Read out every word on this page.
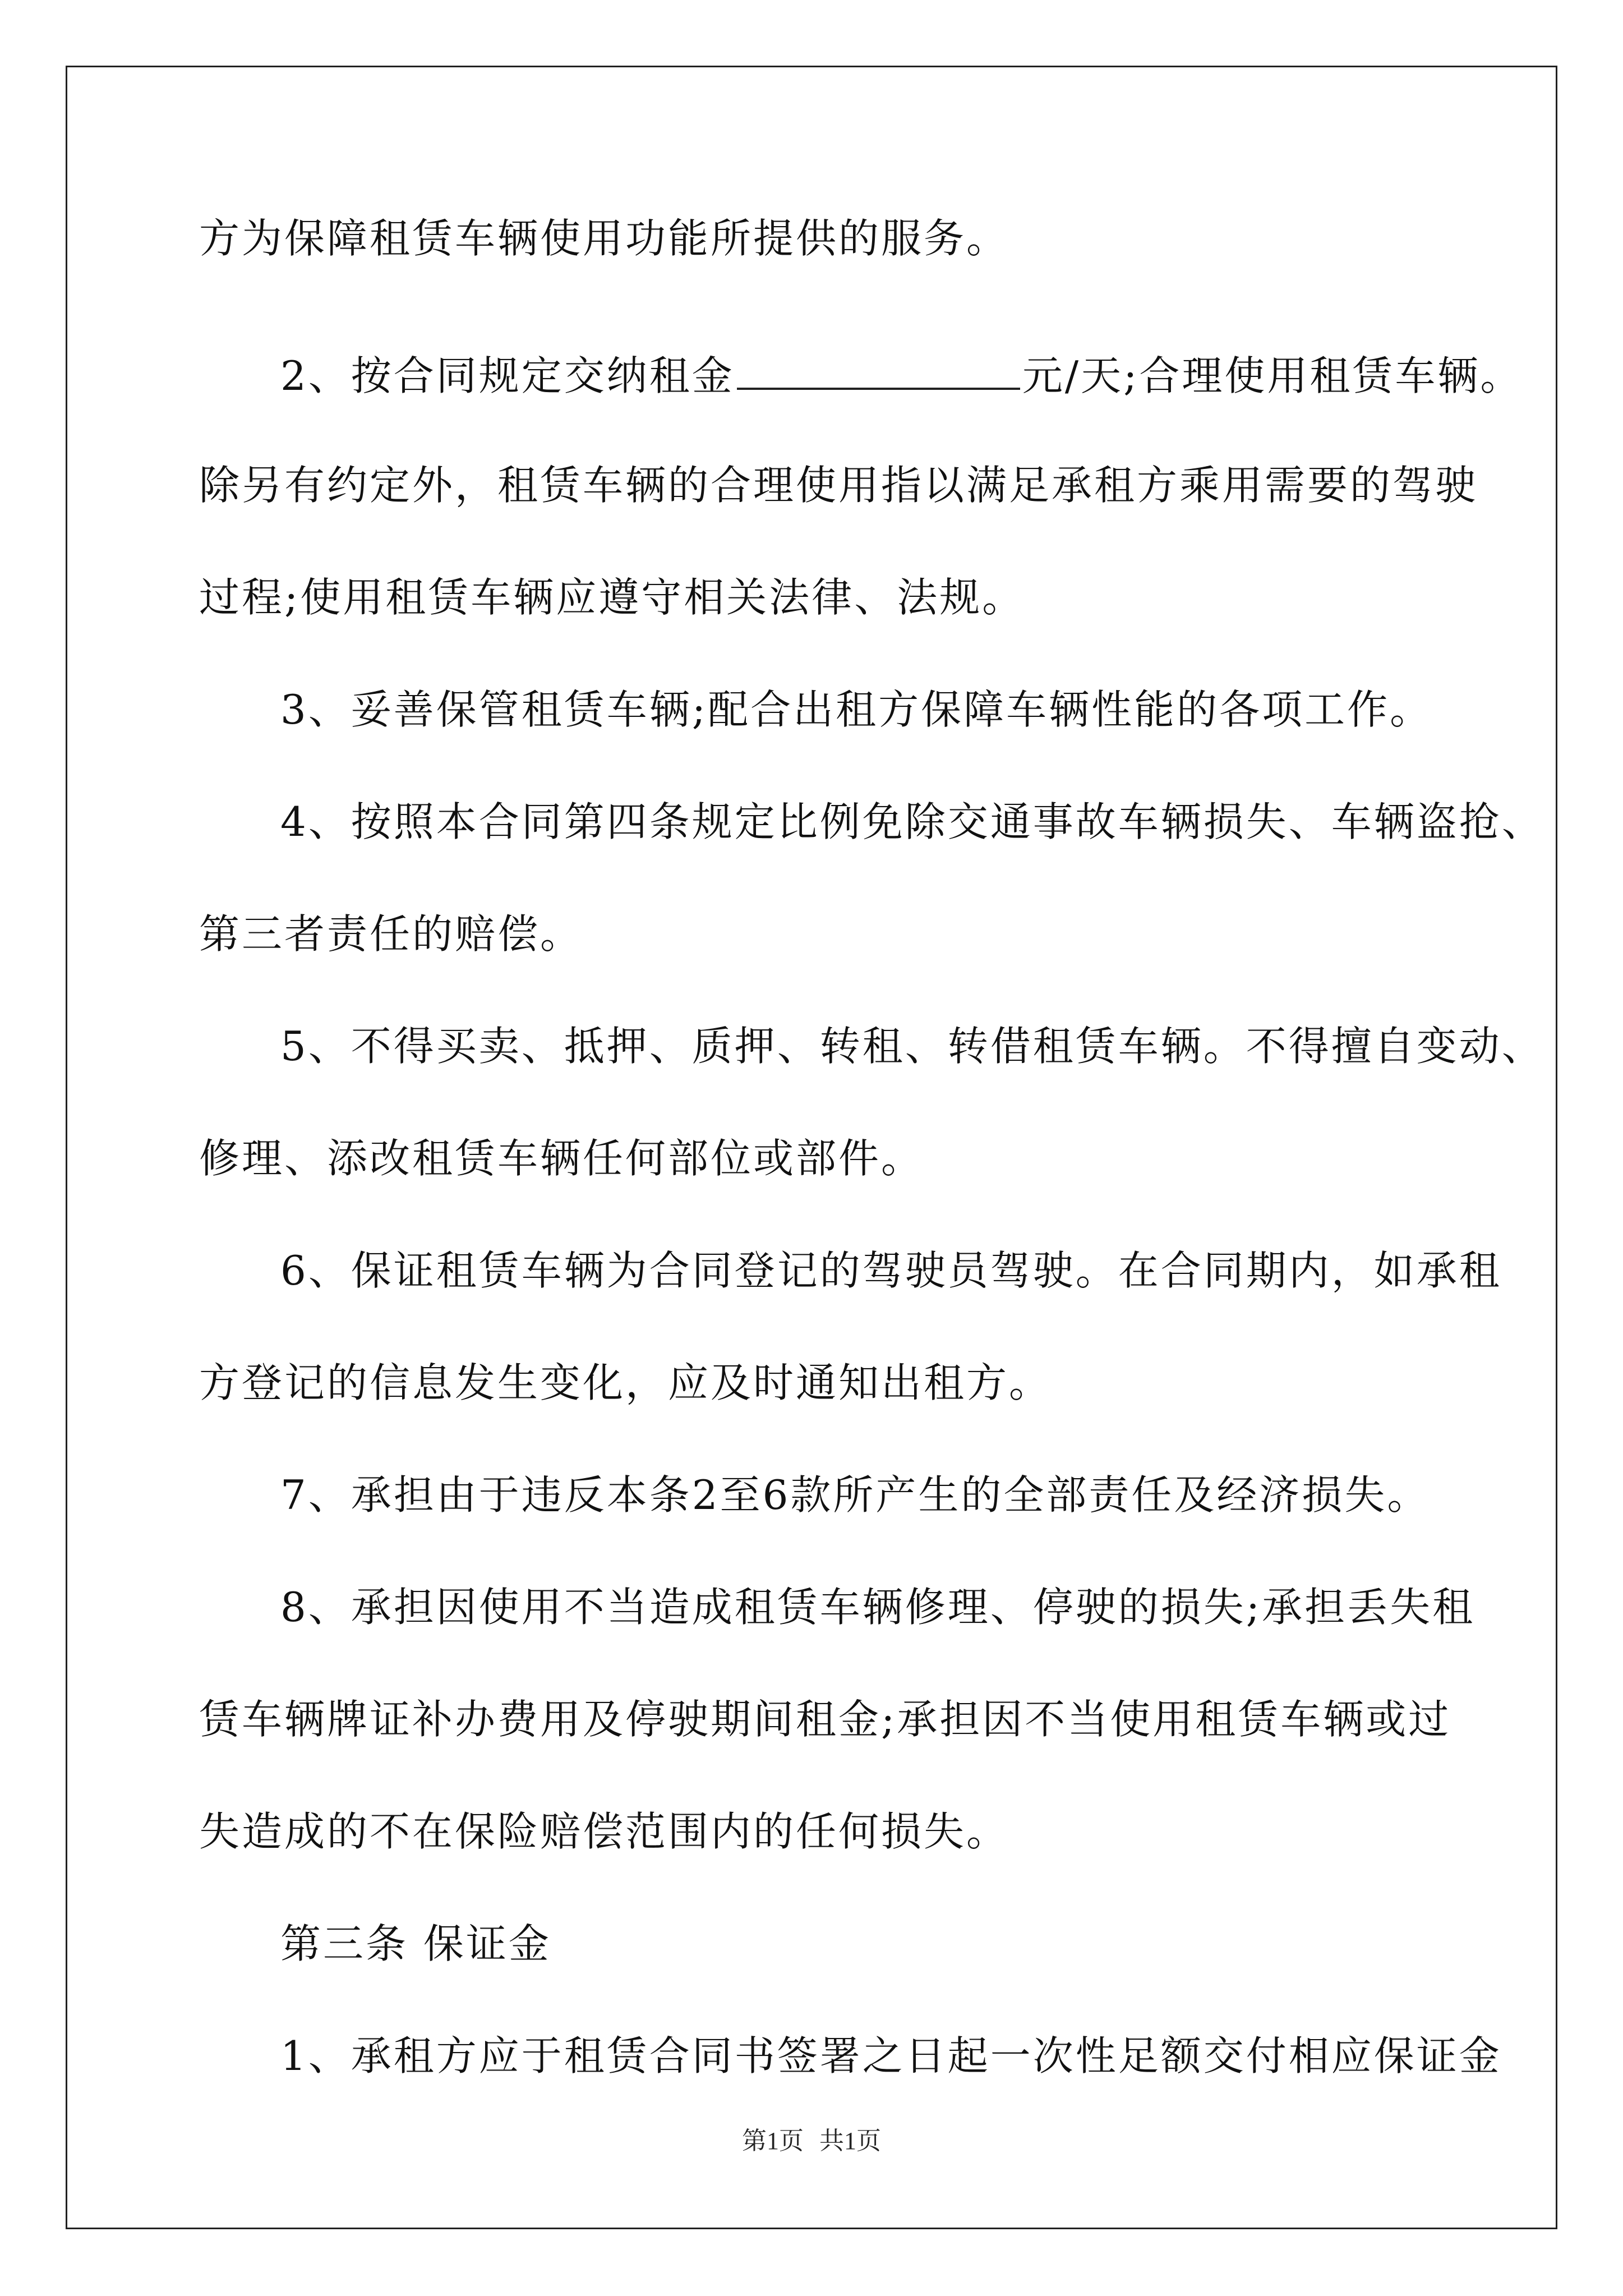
方为保障租赁车辆使用功能所提供的服务。
2、按合同规定交纳租金	元/天;合理使用租赁车辆。
除另有约定外，租赁车辆的合理使用指以满足承租方乘用需要的驾驶
过程;使用租赁车辆应遵守相关法律、法规。
3、妥善保管租赁车辆;配合出租方保障车辆性能的各项工作。
4、按照本合同第四条规定比例免除交通事故车辆损失、车辆盗抢、
第三者责任的赔偿。
5、不得买卖、抵押、质押、转租、转借租赁车辆。不得擅自变动、
修理、添改租赁车辆任何部位或部件。
6、保证租赁车辆为合同登记的驾驶员驾驶。在合同期内，如承租
方登记的信息发生变化，应及时通知出租方。
7、承担由于违反本条2至6款所产生的全部责任及经济损失。
8、承担因使用不当造成租赁车辆修理、停驶的损失;承担丢失租
赁车辆牌证补办费用及停驶期间租金;承担因不当使用租赁车辆或过
失造成的不在保险赔偿范围内的任何损失。
第三条 保证金
1、承租方应于租赁合同书签署之日起一次性足额交付相应保证金
第1页 共1页
